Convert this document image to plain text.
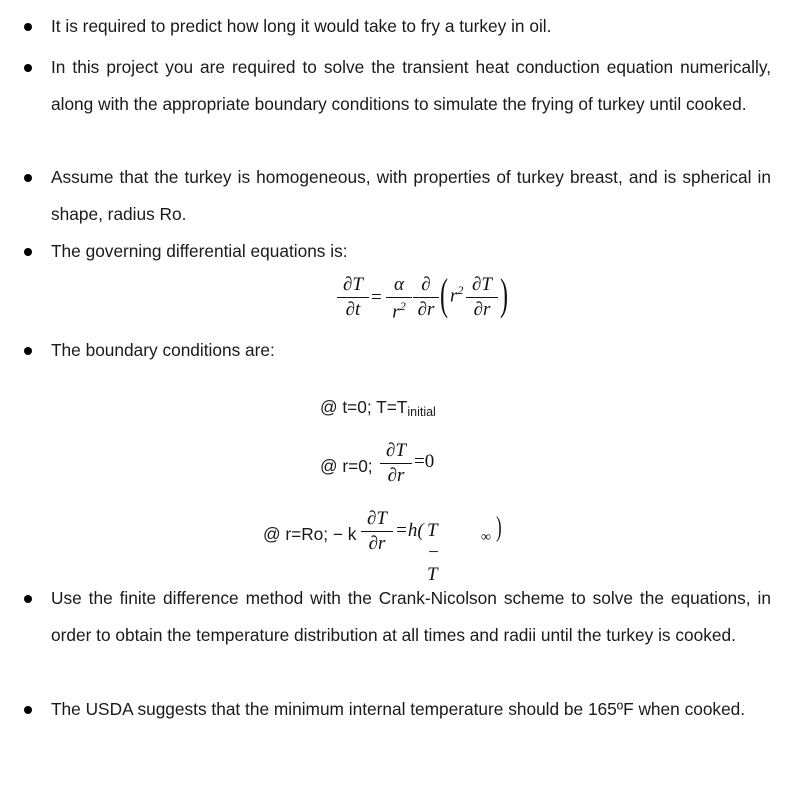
It is required to predict how long it would take to fry a turkey in oil.
In this project you are required to solve the transient heat conduction equation numerically, along with the appropriate boundary conditions to simulate the frying of turkey until cooked.
Assume that the turkey is homogeneous, with properties of turkey breast, and is spherical in shape, radius Ro.
The governing differential equations is:
∂T
∂t
=
α
$r^2$
∂
∂r ( $r^2$ ∂T
∂r )
The boundary conditions are:
@ t=0; T=Tinitial
@ r=0;
∂T
∂r
=0
@ r=Ro; − k
∂T
∂r
=h( T − T
∞ )
Use the finite difference method with the Crank-Nicolson scheme to solve the equations, in order to obtain the temperature distribution at all times and radii until the turkey is cooked.
The USDA suggests that the minimum internal temperature should be 165ºF when cooked.
